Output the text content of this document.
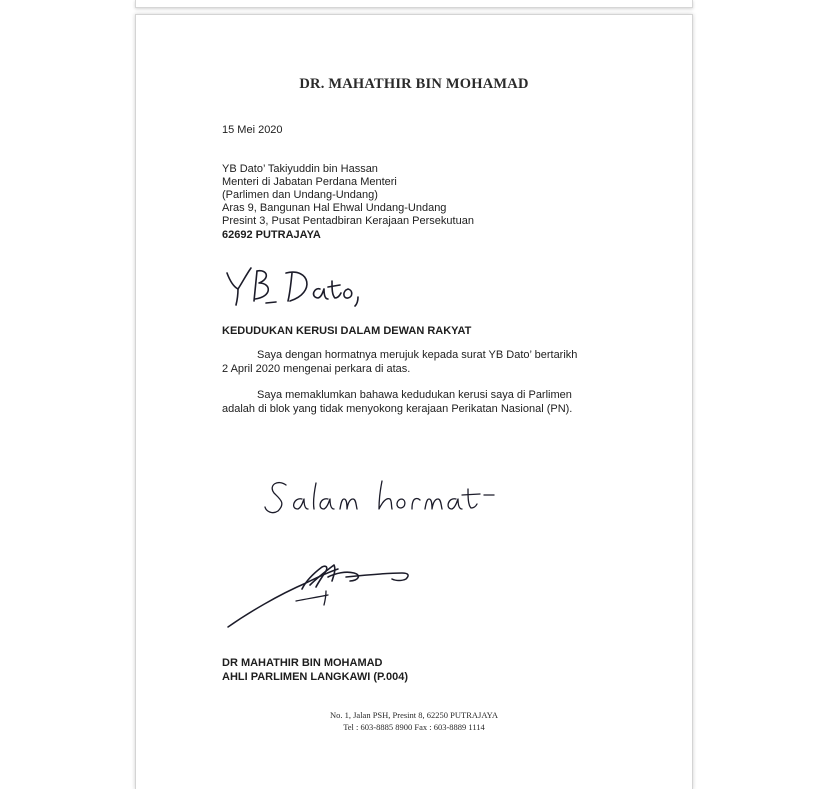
DR. MAHATHIR BIN MOHAMAD
15 Mei 2020
YB Dato’ Takiyuddin bin Hassan
Menteri di Jabatan Perdana Menteri
(Parlimen dan Undang-Undang)
Aras 9, Bangunan Hal Ehwal Undang-Undang
Presint 3, Pusat Pentadbiran Kerajaan Persekutuan
62692 PUTRAJAYA
KEDUDUKAN KERUSI DALAM DEWAN RAKYAT
Saya dengan hormatnya merujuk kepada surat YB Dato’ bertarikh
2 April 2020 mengenai perkara di atas.
Saya memaklumkan bahawa kedudukan kerusi saya di Parlimen
adalah di blok yang tidak menyokong kerajaan Perikatan Nasional (PN).
DR MAHATHIR BIN MOHAMAD
AHLI PARLIMEN LANGKAWI (P.004)
No. 1, Jalan PSH, Presint 8, 62250 PUTRAJAYA
Tel : 603-8885 8900 Fax : 603-8889 1114
